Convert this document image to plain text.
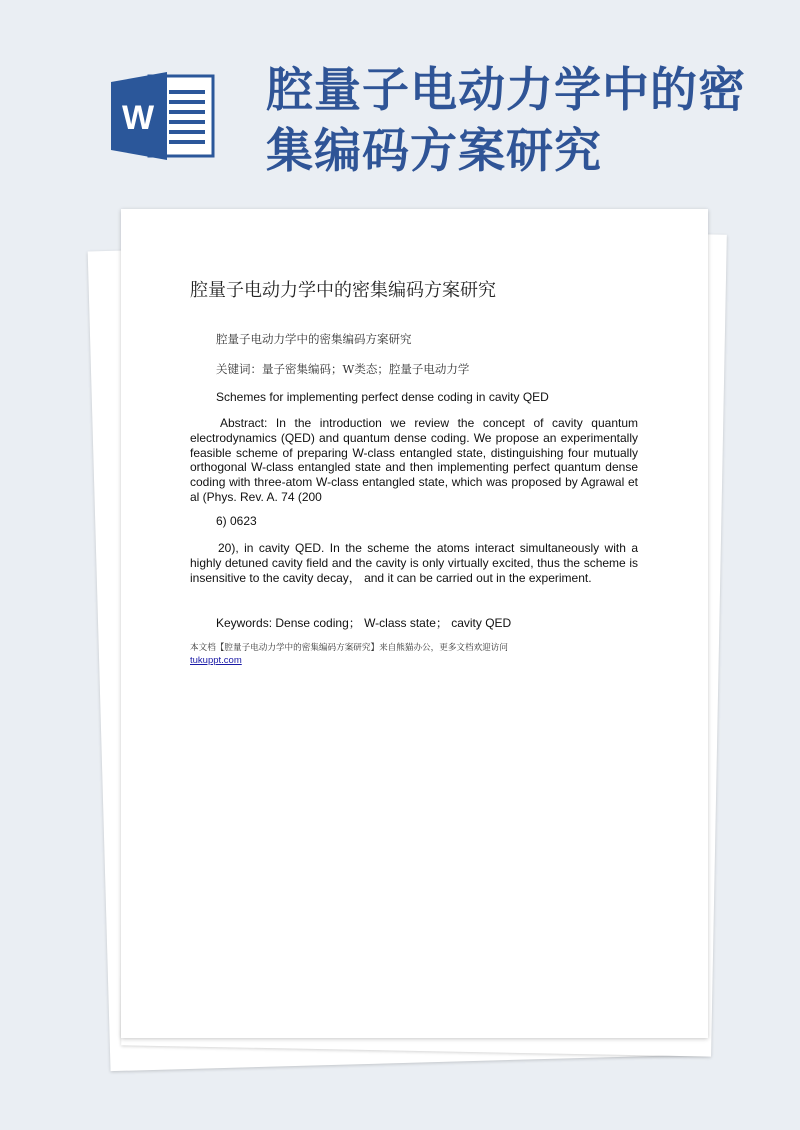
腔量子电动力学中的密集编码方案研究
W
腔量子电动力学中的密集编码方案研究
腔量子电动力学中的密集编码方案研究
关键词：量子密集编码；W类态；腔量子电动力学
Schemes for implementing perfect dense coding in cavity QED
Abstract: In the introduction we review the concept of cavity quantum electrodynamics (QED) and quantum dense coding. We propose an experimentally feasible scheme of preparing W-class entangled state, distinguishing four mutually orthogonal W-class entangled state and then implementing perfect quantum dense coding with three-atom W-class entangled state, which was proposed by Agrawal et al (Phys. Rev. A. 74 (200
6) 0623
20), in cavity QED. In the scheme the atoms interact simultaneously with a highly detuned cavity field and the cavity is only virtually excited, thus the scheme is insensitive to the cavity decay， and it can be carried out in the experiment.
Keywords: Dense coding； W-class state； cavity QED
本文档【腔量子电动力学中的密集编码方案研究】来自熊猫办公，更多文档欢迎访问
tukuppt.com
